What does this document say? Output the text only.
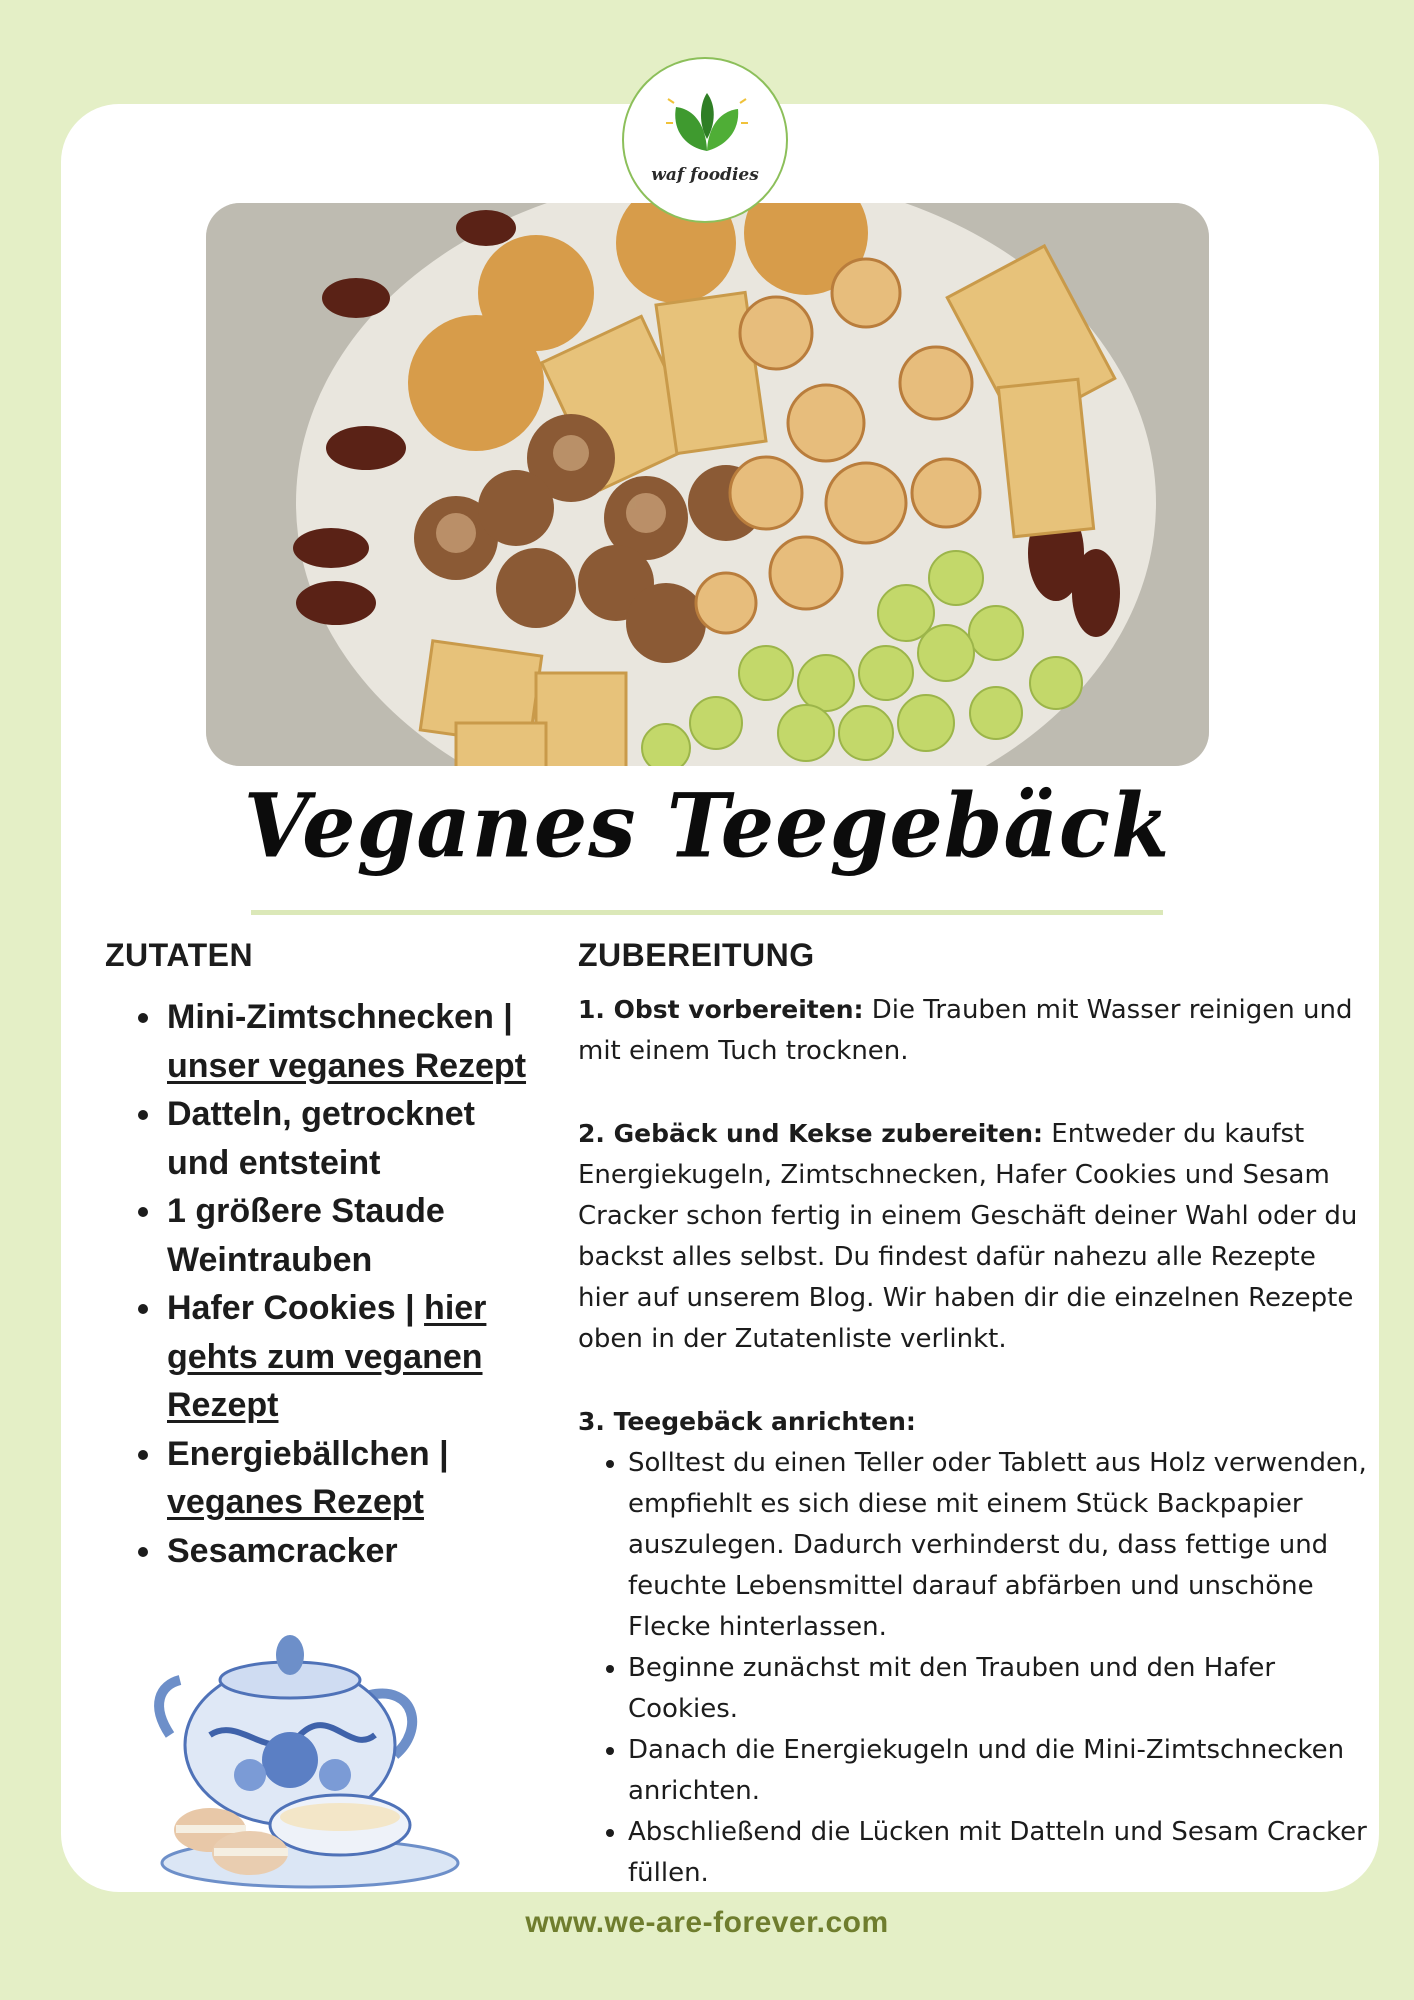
waf foodies
Veganes Teegebäck
ZUTATEN
• Mini-Zimtschnecken | unser veganes Rezept
• Datteln, getrocknet und entsteint
• 1 größere Staude Weintrauben
• Hafer Cookies | hier gehts zum veganen Rezept
• Energiebällchen | veganes Rezept
• Sesamcracker
ZUBEREITUNG

1. Obst vorbereiten: Die Trauben mit Wasser reinigen und mit einem Tuch trocknen.

2. Gebäck und Kekse zubereiten: Entweder du kaufst Energiekugeln, Zimtschnecken, Hafer Cookies und Sesam Cracker schon fertig in einem Geschäft deiner Wahl oder du backst alles selbst. Du findest dafür nahezu alle Rezepte hier auf unserem Blog. Wir haben dir die einzelnen Rezepte oben in der Zutatenliste verlinkt.

3. Teegebäck anrichten:

• Solltest du einen Teller oder Tablett aus Holz verwenden, empfiehlt es sich diese mit einem Stück Backpapier auszulegen. Dadurch verhinderst du, dass fettige und feuchte Lebensmittel darauf abfärben und unschöne Flecke hinterlassen.
• Beginne zunächst mit den Trauben und den Hafer Cookies.
• Danach die Energiekugeln und die Mini-Zimtschnecken anrichten.
• Abschließend die Lücken mit Datteln und Sesam Cracker füllen.
www.we-are-forever.com
